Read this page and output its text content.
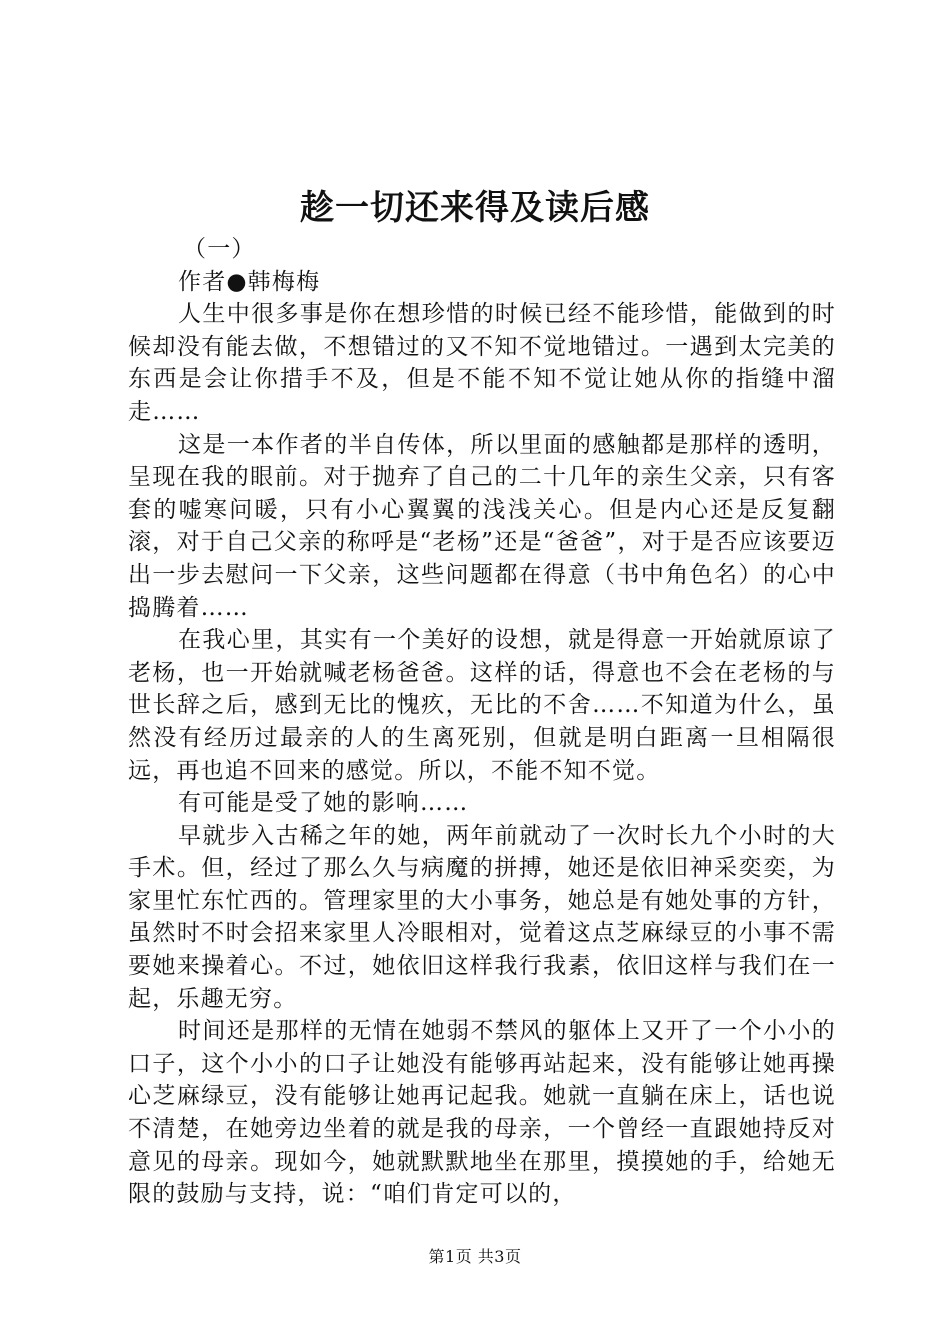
趁一切还来得及读后感

（一）

作者●韩梅梅

人生中很多事是你在想珍惜的时候已经不能珍惜，能做到的时候却没有能去做，不想错过的又不知不觉地错过。一遇到太完美的东西是会让你措手不及，但是不能不知不觉让她从你的指缝中溜走……

这是一本作者的半自传体，所以里面的感触都是那样的透明，呈现在我的眼前。对于抛弃了自己的二十几年的亲生父亲，只有客套的嘘寒问暖，只有小心翼翼的浅浅关心。但是内心还是反复翻滚，对于自己父亲的称呼是“老杨”还是“爸爸”，对于是否应该要迈出一步去慰问一下父亲，这些问题都在得意（书中角色名）的心中捣腾着……

在我心里，其实有一个美好的设想，就是得意一开始就原谅了老杨，也一开始就喊老杨爸爸。这样的话，得意也不会在老杨的与世长辞之后，感到无比的愧疚，无比的不舍……不知道为什么，虽然没有经历过最亲的人的生离死别，但就是明白距离一旦相隔很远，再也追不回来的感觉。所以，不能不知不觉。

有可能是受了她的影响……

早就步入古稀之年的她，两年前就动了一次时长九个小时的大手术。但，经过了那么久与病魔的拼搏，她还是依旧神采奕奕，为家里忙东忙西的。管理家里的大小事务，她总是有她处事的方针，虽然时不时会招来家里人冷眼相对，觉着这点芝麻绿豆的小事不需要她来操着心。不过，她依旧这样我行我素，依旧这样与我们在一起，乐趣无穷。

时间还是那样的无情在她弱不禁风的躯体上又开了一个小小的口子，这个小小的口子让她没有能够再站起来，没有能够让她再操心芝麻绿豆，没有能够让她再记起我。她就一直躺在床上，话也说不清楚，在她旁边坐着的就是我的母亲，一个曾经一直跟她持反对意见的母亲。现如今，她就默默地坐在那里，摸摸她的手，给她无限的鼓励与支持，说：“咱们肯定可以的，

第1页 共3页
